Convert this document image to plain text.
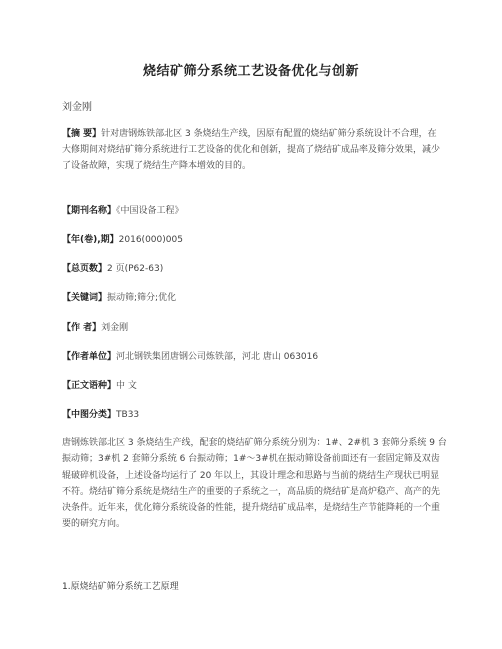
烧结矿筛分系统工艺设备优化与创新
刘金刚
【摘 要】针对唐钢炼铁部北区 3 条烧结生产线，因原有配置的烧结矿筛分系统设计不合理，在大修期间对烧结矿筛分系统进行工艺设备的优化和创新，提高了烧结矿成品率及筛分效果，减少了设备故障，实现了烧结生产降本增效的目的。
【期刊名称】《中国设备工程》
【年(卷),期】2016(000)005
【总页数】2 页(P62-63)
【关键词】振动筛;筛分;优化
【作 者】刘金刚
【作者单位】河北钢铁集团唐钢公司炼铁部，河北 唐山 063016
【正文语种】中 文
【中图分类】TB33
唐钢炼铁部北区 3 条烧结生产线，配套的烧结矿筛分系统分别为：1#、2#机 3 套筛分系统 9 台振动筛；3#机 2 套筛分系统 6 台振动筛；1#～3#机在振动筛设备前面还有一套固定筛及双齿辊破碎机设备，上述设备均运行了 20 年以上，其设计理念和思路与当前的烧结生产现状已明显不符。烧结矿筛分系统是烧结生产的重要的子系统之一，高品质的烧结矿是高炉稳产、高产的先决条件。近年来，优化筛分系统设备的性能，提升烧结矿成品率，是烧结生产节能降耗的一个重要的研究方向。
1.原烧结矿筛分系统工艺原理
